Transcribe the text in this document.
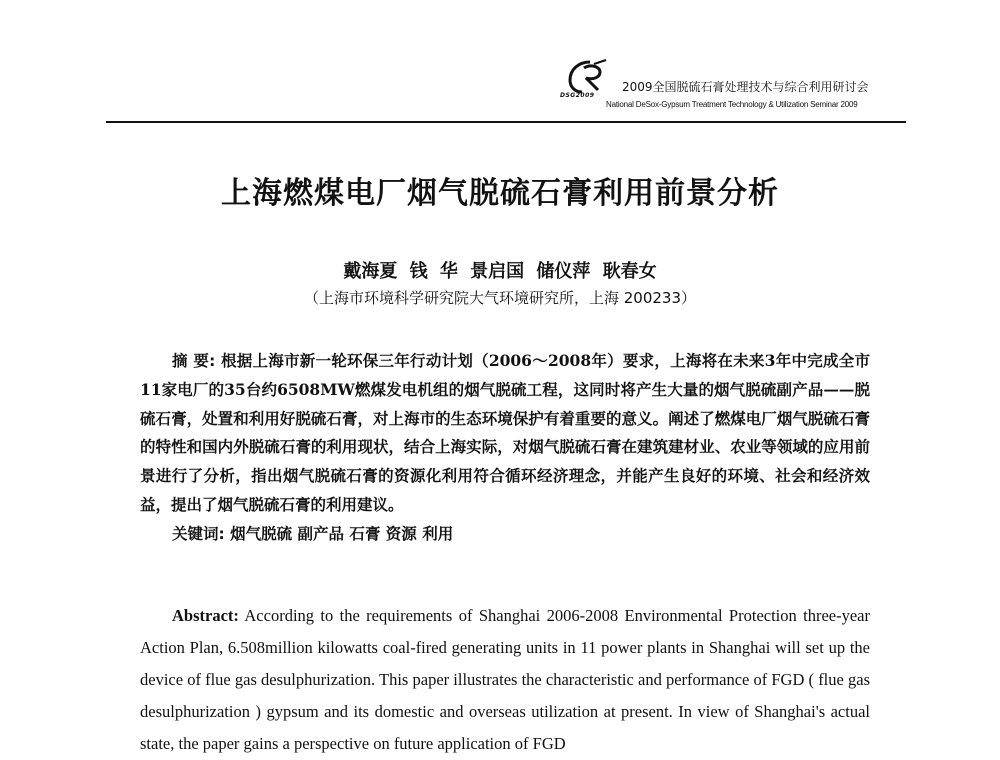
DSG2009
2009全国脱硫石膏处理技术与综合利用研讨会
National DeSox-Gypsum Treatment Technology & Utilization Seminar 2009
上海燃煤电厂烟气脱硫石膏利用前景分析
戴海夏 钱 华 景启国 储仪萍 耿春女
（上海市环境科学研究院大气环境研究所，上海 200233）
摘 要: 根据上海市新一轮环保三年行动计划（2006～2008年）要求，上海将在未来3年中完成全市11家电厂的35台约6508MW燃煤发电机组的烟气脱硫工程，这同时将产生大量的烟气脱硫副产品——脱硫石膏，处置和利用好脱硫石膏，对上海市的生态环境保护有着重要的意义。阐述了燃煤电厂烟气脱硫石膏的特性和国内外脱硫石膏的利用现状，结合上海实际，对烟气脱硫石膏在建筑建材业、农业等领域的应用前景进行了分析，指出烟气脱硫石膏的资源化利用符合循环经济理念，并能产生良好的环境、社会和经济效益，提出了烟气脱硫石膏的利用建议。
关键词: 烟气脱硫 副产品 石膏 资源 利用
Abstract: According to the requirements of Shanghai 2006-2008 Environmental Protection three-year Action Plan, 6.508million kilowatts coal-fired generating units in 11 power plants in Shanghai will set up the device of flue gas desulphurization. This paper illustrates the characteristic and performance of FGD ( flue gas desulphurization ) gypsum and its domestic and overseas utilization at present. In view of Shanghai's actual state, the paper gains a perspective on future application of FGD
